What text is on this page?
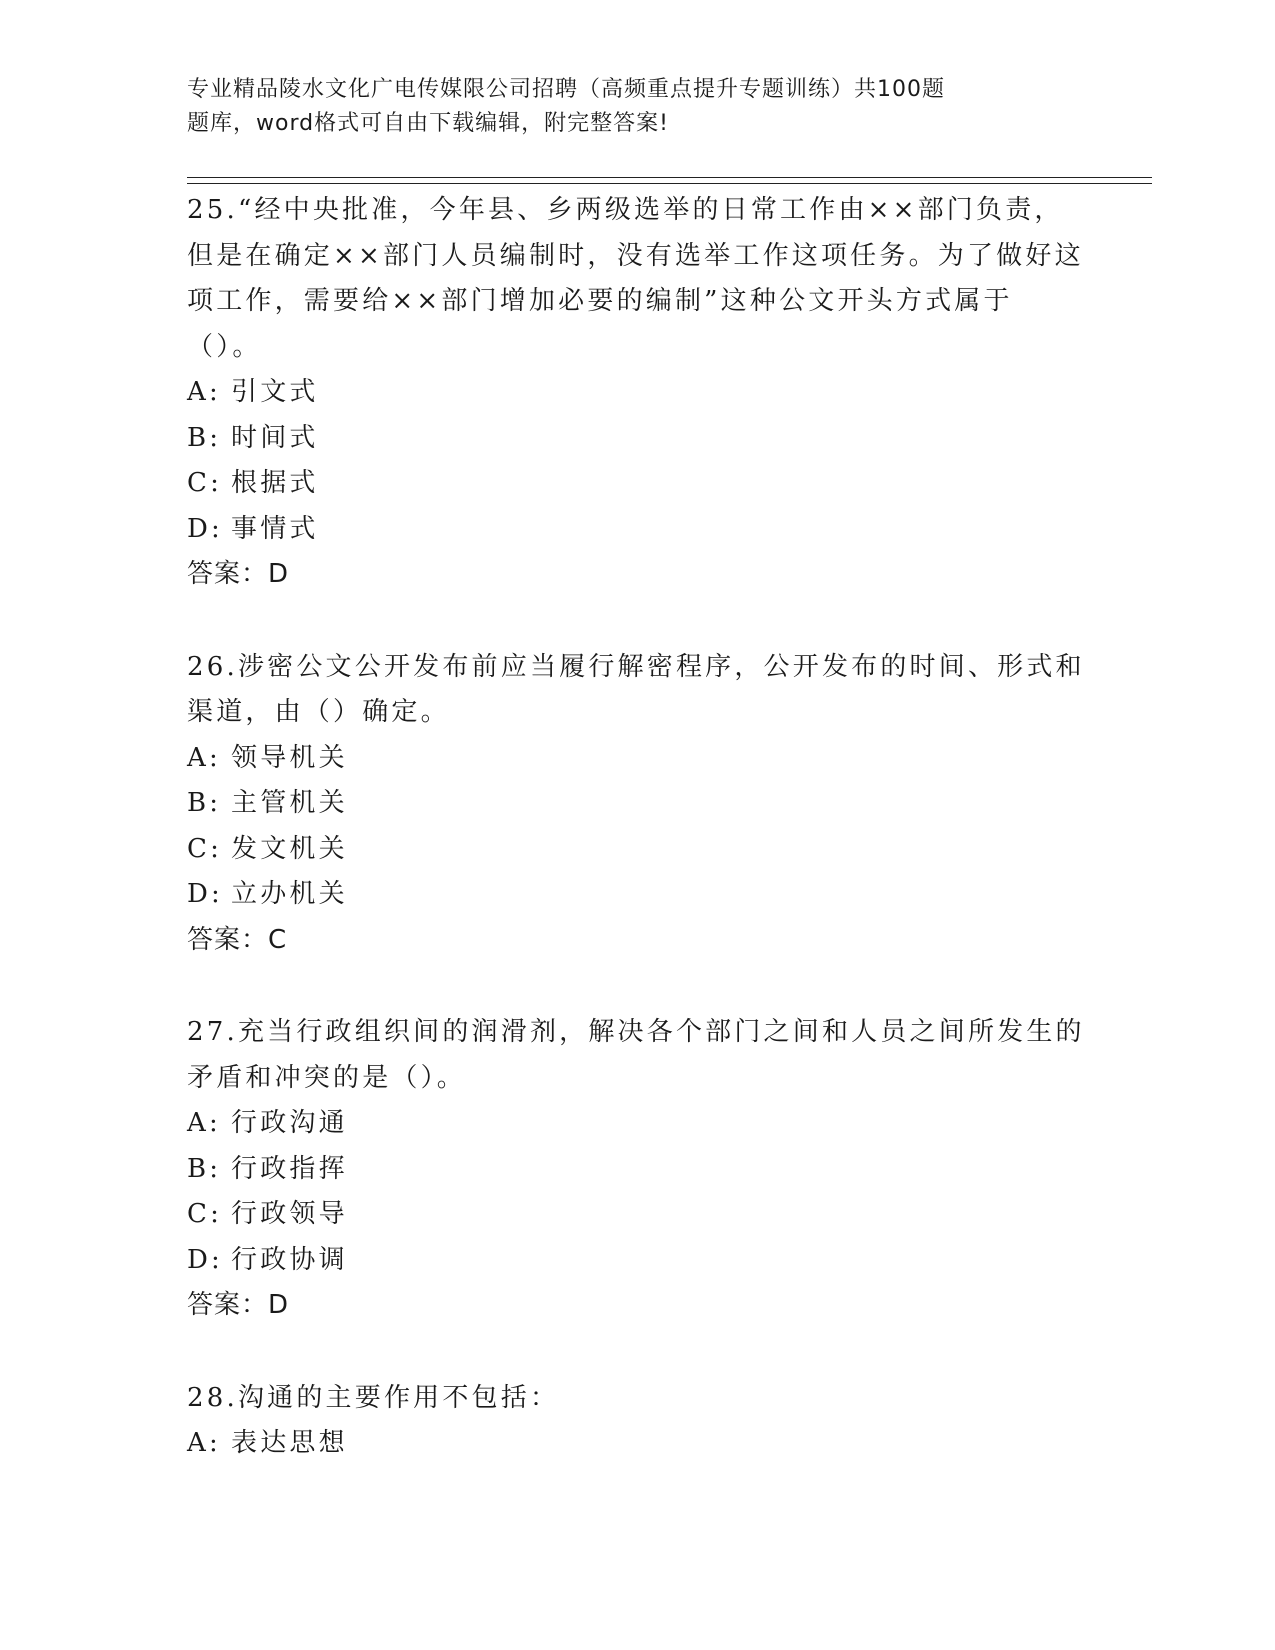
专业精品陵水文化广电传媒限公司招聘（高频重点提升专题训练）共100题
题库，word格式可自由下载编辑，附完整答案!

25.“经中央批准，今年县、乡两级选举的日常工作由××部门负责，但是在确定××部门人员编制时，没有选举工作这项任务。为了做好这项工作，需要给××部门增加必要的编制”这种公文开头方式属于（）。

A: 引文式
B: 时间式
C: 根据式
D: 事情式

答案：D

26.涉密公文公开发布前应当履行解密程序，公开发布的时间、形式和渠道，由（）确定。

A: 领导机关
B: 主管机关
C: 发文机关
D: 立办机关

答案：C

27.充当行政组织间的润滑剂，解决各个部门之间和人员之间所发生的矛盾和冲突的是（）。

A: 行政沟通
B: 行政指挥
C: 行政领导
D: 行政协调

答案：D

28.沟通的主要作用不包括：

A: 表达思想
